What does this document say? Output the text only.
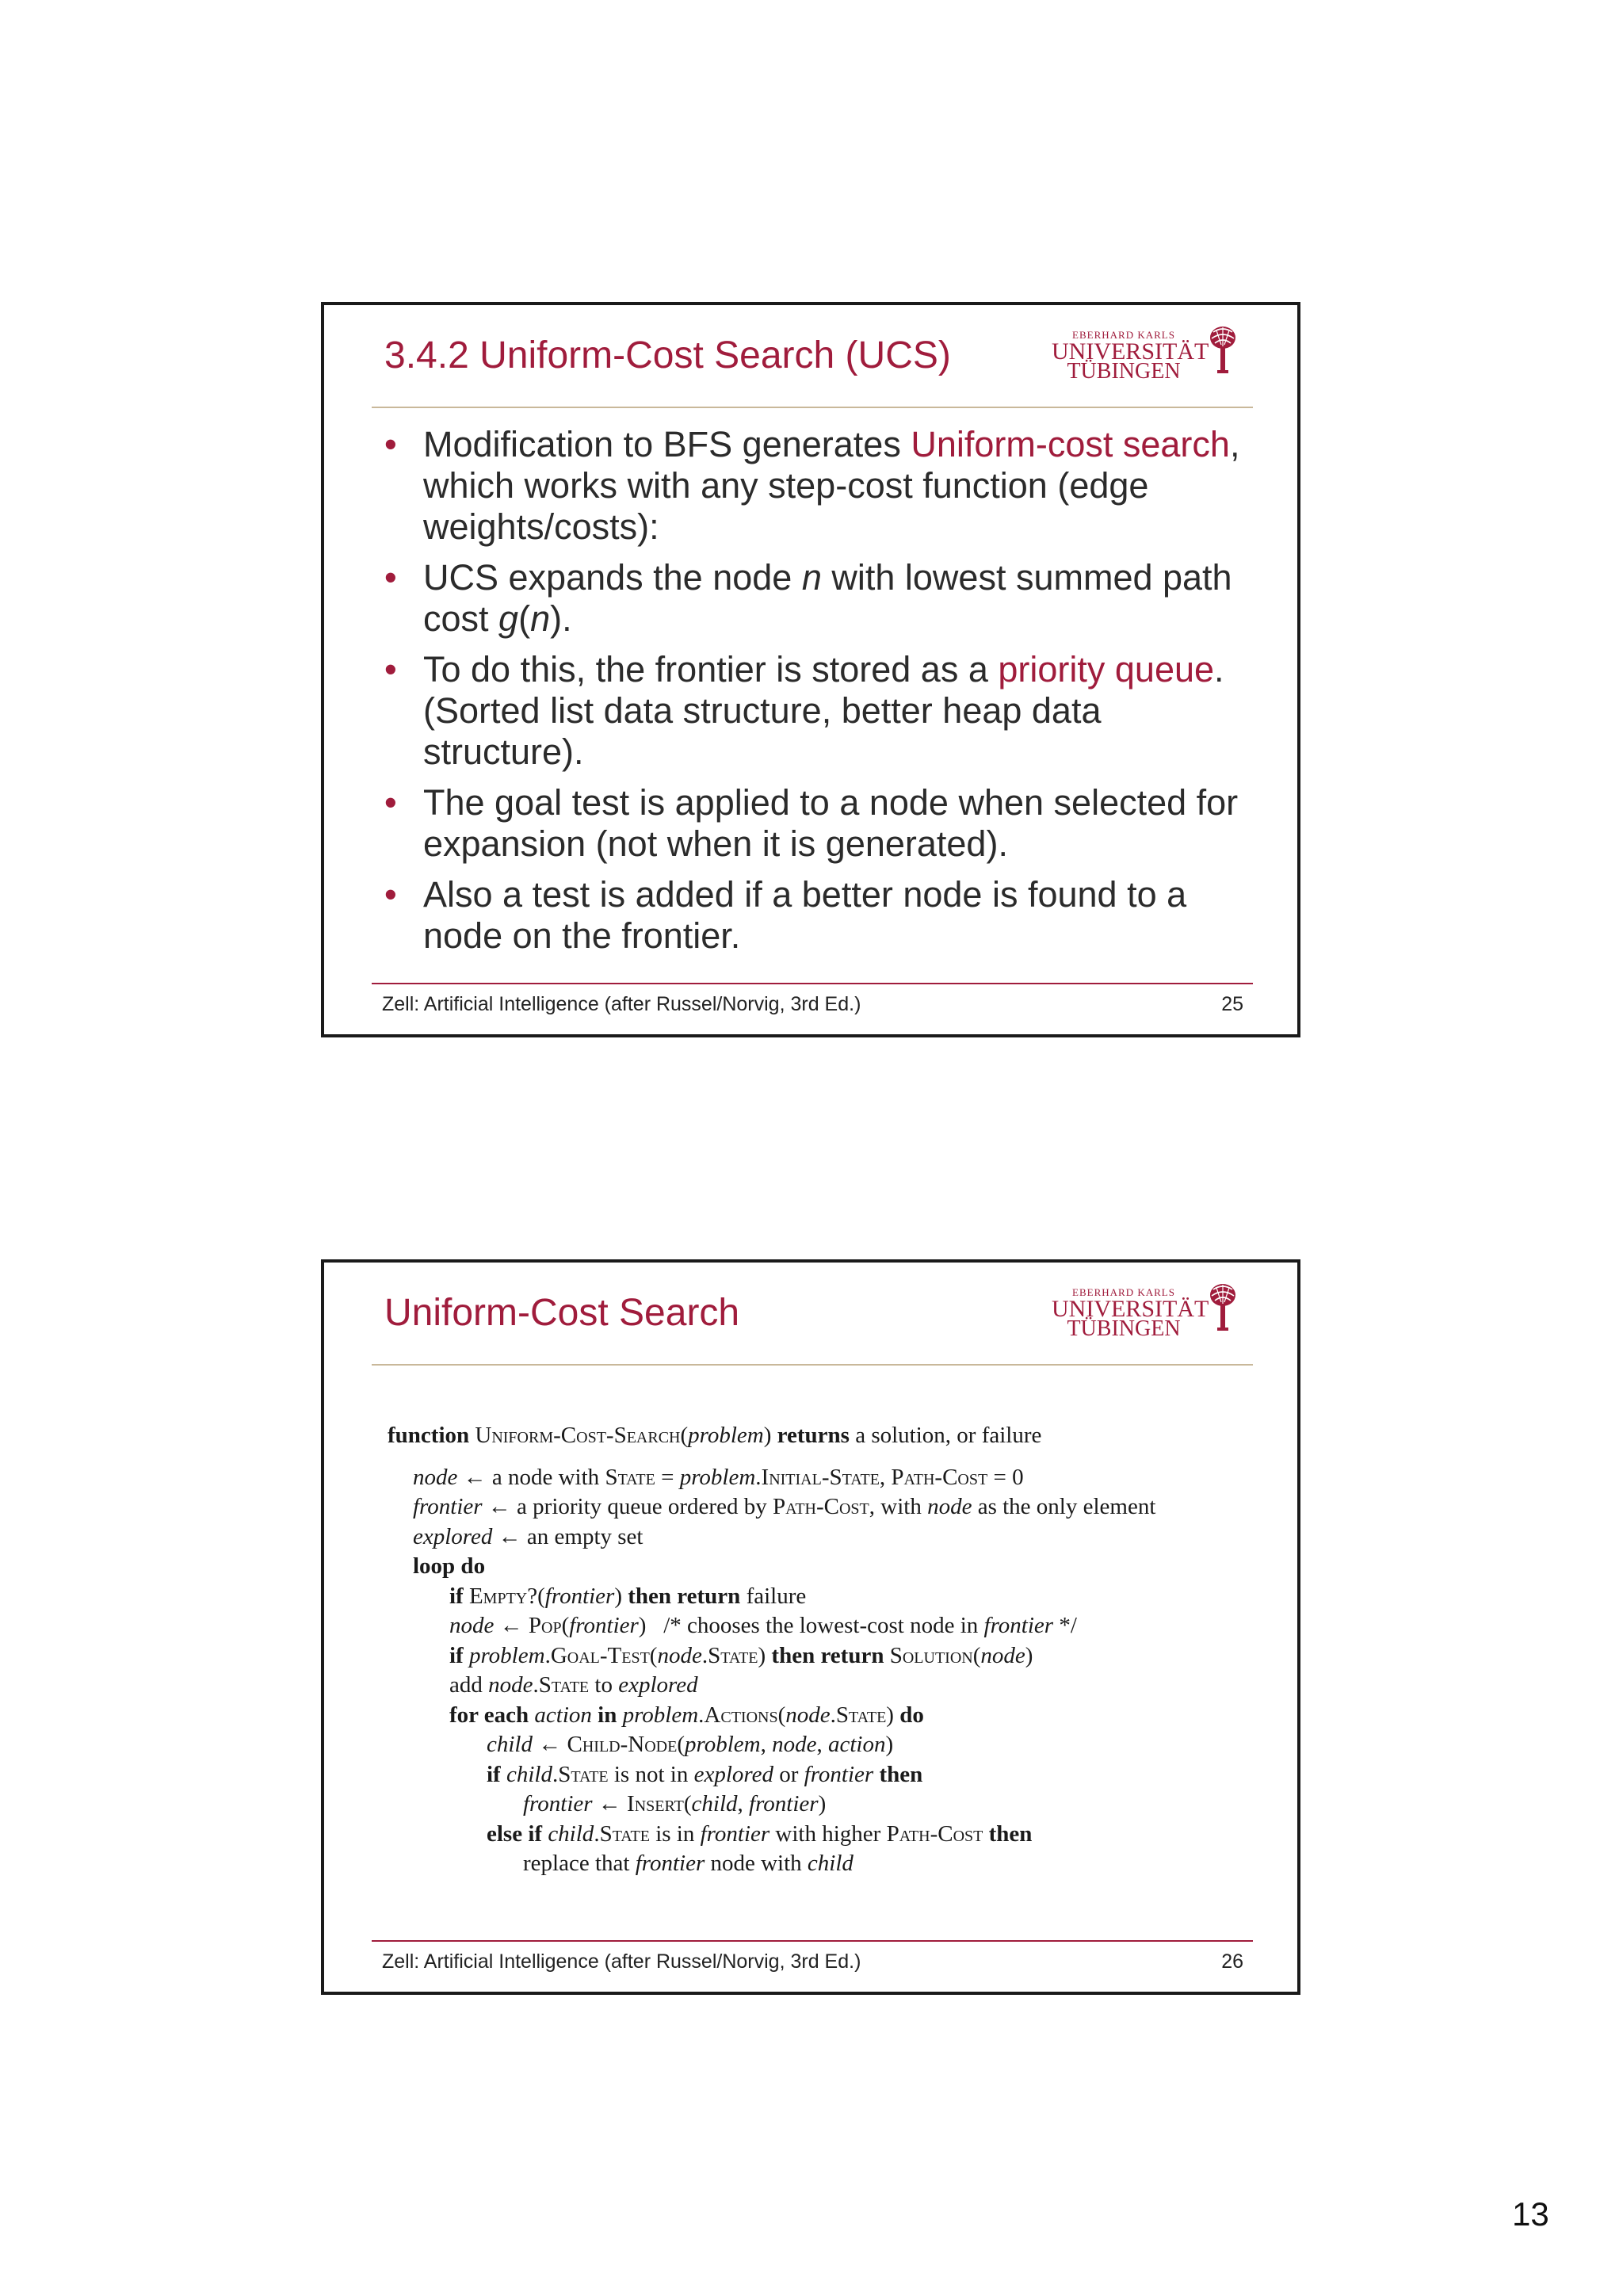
3.4.2 Uniform-Cost Search (UCS)	EBERHARD KARLS
UNIVERSITÄT
TÜBINGEN
• Modification to BFS generates Uniform-cost search, which works with any step-cost function (edge weights/costs):
• UCS expands the node n with lowest summed path cost g(n).
• To do this, the frontier is stored as a priority queue. (Sorted list data structure, better heap data structure).
• The goal test is applied to a node when selected for expansion (not when it is generated).
• Also a test is added if a better node is found to a node on the frontier.
Zell: Artificial Intelligence (after Russel/Norvig, 3rd Ed.)	25
Uniform-Cost Search	EBERHARD KARLS
UNIVERSITÄT
TÜBINGEN
function Uniform-Cost-Search(problem) returns a solution, or failure
node ← a node with State = problem.Initial-State, Path-Cost = 0
frontier ← a priority queue ordered by Path-Cost, with node as the only element
explored ← an empty set
loop do
if Empty?(frontier) then return failure
node ← Pop(frontier)   /* chooses the lowest-cost node in frontier */
if problem.Goal-Test(node.State) then return Solution(node)
add node.State to explored
for each action in problem.Actions(node.State) do
child ← Child-Node(problem, node, action)
if child.State is not in explored or frontier then
frontier ← Insert(child, frontier)
else if child.State is in frontier with higher Path-Cost then
replace that frontier node with child
Zell: Artificial Intelligence (after Russel/Norvig, 3rd Ed.)	26
13
